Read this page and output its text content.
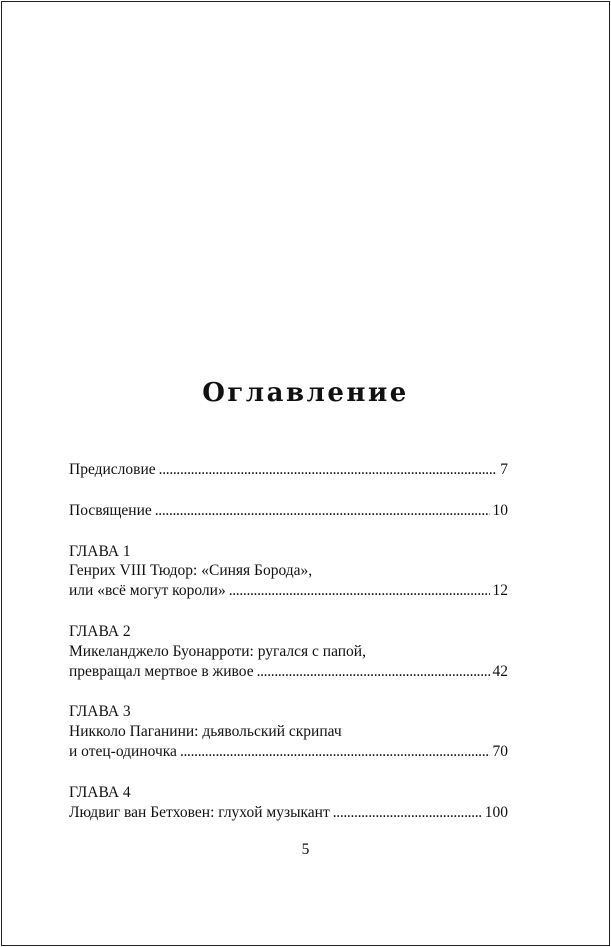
Оглавление
Предисловие . . .	7
Посвящение . . .	10
ГЛАВА 1
Генрих VIII Тюдор: «Синяя Борода»,
или «всё могут короли» . . .	12
ГЛАВА 2
Микеланджело Буонарроти: ругался с папой,
превращал мертвое в живое . . .	42
ГЛАВА 3
Никколо Паганини: дьявольский скрипач
и отец-одиночка . . .	70
ГЛАВА 4
Людвиг ван Бетховен: глухой музыкант . . .	100
5
